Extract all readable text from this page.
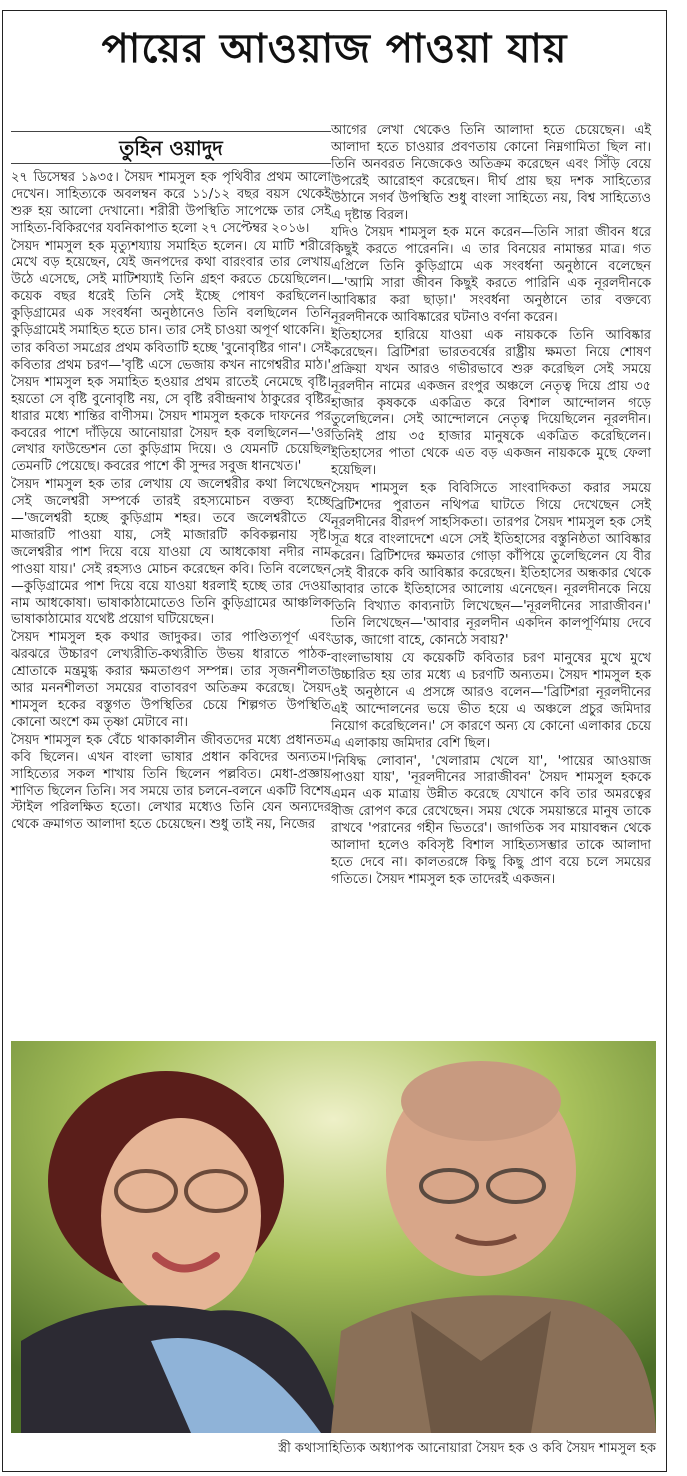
পায়ের আওয়াজ পাওয়া যায়
তুহিন ওয়াদুদ

২৭ ডিসেম্বর ১৯৩৫। সৈয়দ শামসুল হক পৃথিবীর প্রথম আলো দেখেন। সাহিত্যকে অবলম্বন করে ১১/১২ বছর বয়স থেকেই শুরু হয় আলো দেখানো। শরীরী উপস্থিতি সাপেক্ষে তার সেই সাহিত্য-বিকিরণের যবনিকাপাত হলো ২৭ সেপ্টেম্বর ২০১৬।

সৈয়দ শামসুল হক মৃত্যুশয্যায় সমাহিত হলেন। যে মাটি শরীরে মেখে বড় হয়েছেন, যেই জনপদের কথা বারংবার তার লেখায় উঠে এসেছে, সেই মাটিশয্যাই তিনি গ্রহণ করতে চেয়েছিলেন। কয়েক বছর ধরেই তিনি সেই ইচ্ছে পোষণ করছিলেন। কুড়িগ্রামের এক সংবর্ধনা অনুষ্ঠানেও তিনি বলছিলেন তিনি কুড়িগ্রামেই সমাহিত হতে চান। তার সেই চাওয়া অপূর্ণ থাকেনি।

তার কবিতা সমগ্রের প্রথম কবিতাটি হচ্ছে 'বুনোবৃষ্টির গান'। সেই কবিতার প্রথম চরণ—'বৃষ্টি এসে ভেজায় কখন নাগেশ্বরীর মাঠ।' সৈয়দ শামসুল হক সমাহিত হওয়ার প্রথম রাতেই নেমেছে বৃষ্টি। হয়তো সে বৃষ্টি বুনোবৃষ্টি নয়, সে বৃষ্টি রবীন্দ্রনাথ ঠাকুরের বৃষ্টির ধারার মধ্যে শান্তির বাণীসম। সৈয়দ শামসুল হককে দাফনের পর কবরের পাশে দাঁড়িয়ে আনোয়ারা সৈয়দ হক বলছিলেন—'ওর লেখার ফাউন্ডেশন তো কুড়িগ্রাম দিয়ে। ও যেমনটি চেয়েছিল তেমনটি পেয়েছে। কবরের পাশে কী সুন্দর সবুজ ধানখেত।'

সৈয়দ শামসুল হক তার লেখায় যে জলেশ্বরীর কথা লিখেছেন সেই জলেশ্বরী সম্পর্কে তারই রহস্যমোচন বক্তব্য হচ্ছে—'জলেশ্বরী হচ্ছে কুড়িগ্রাম শহর। তবে জলেশ্বরীতে যে মাজারটি পাওয়া যায়, সেই মাজারটি কবিকল্পনায় সৃষ্ট। জলেশ্বরীর পাশ দিয়ে বয়ে যাওয়া যে আধকোষা নদীর নাম পাওয়া যায়।' সেই রহস্যও মোচন করেছেন কবি। তিনি বলেছেন—কুড়িগ্রামের পাশ দিয়ে বয়ে যাওয়া ধরলাই হচ্ছে তার দেওয়া নাম আধকোষা। ভাষাকাঠামোতেও তিনি কুড়িগ্রামের আঞ্চলিক ভাষাকাঠামোর যথেষ্ট প্রয়োগ ঘটিয়েছেন।

সৈয়দ শামসুল হক কথার জাদুকর। তার পাণ্ডিত্যপূর্ণ এবং ঝরঝরে উচ্চারণ লেখ্যরীতি-কথ্যরীতি উভয় ধারাতে পাঠক-শ্রোতাকে মন্ত্রমুগ্ধ করার ক্ষমতাগুণ সম্পন্ন। তার সৃজনশীলতা আর মননশীলতা সময়ের বাতাবরণ অতিক্রম করেছে। সৈয়দ শামসুল হকের বস্তুগত উপস্থিতির চেয়ে শিল্পগত উপস্থিতি কোনো অংশে কম তৃষ্ণা মেটাবে না।

সৈয়দ শামসুল হক বেঁচে থাকাকালীন জীবতদের মধ্যে প্রধানতম কবি ছিলেন। এখন বাংলা ভাষার প্রধান কবিদের অন্যতম। সাহিত্যের সকল শাখায় তিনি ছিলেন পল্লবিত। মেধা-প্রজ্ঞায় শাণিত ছিলেন তিনি। সব সময়ে তার চলনে-বলনে একটি বিশেষ স্টাইল পরিলক্ষিত হতো। লেখার মধ্যেও তিনি যেন অন্যদের থেকে ক্রমাগত আলাদা হতে চেয়েছেন। শুধু তাই নয়, নিজের

আগের লেখা থেকেও তিনি আলাদা হতে চেয়েছেন। এই আলাদা হতে চাওয়ার প্রবণতায় কোনো নিম্নগামিতা ছিল না। তিনি অনবরত নিজেকেও অতিক্রম করেছেন এবং সিঁড়ি বেয়ে উপরেই আরোহণ করেছেন। দীর্ঘ প্রায় ছয় দশক সাহিত্যের উঠানে সগর্ব উপস্থিতি শুধু বাংলা সাহিত্যে নয়, বিশ্ব সাহিত্যেও এ দৃষ্টান্ত বিরল।

যদিও সৈয়দ শামসুল হক মনে করেন—তিনি সারা জীবন ধরে কিছুই করতে পারেননি। এ তার বিনয়ের নামান্তর মাত্র। গত এপ্রিলে তিনি কুড়িগ্রামে এক সংবর্ধনা অনুষ্ঠানে বলেছেন—'আমি সারা জীবন কিছুই করতে পারিনি এক নূরলদীনকে আবিষ্কার করা ছাড়া।' সংবর্ধনা অনুষ্ঠানে তার বক্তব্যে নূরলদীনকে আবিষ্কারের ঘটনাও বর্ণনা করেন।

ইতিহাসের হারিয়ে যাওয়া এক নায়ককে তিনি আবিষ্কার করেছেন। ব্রিটিশরা ভারতবর্ষের রাষ্ট্রীয় ক্ষমতা নিয়ে শোষণ প্রক্রিয়া যখন আরও গভীরভাবে শুরু করেছিল সেই সময়ে নূরলদীন নামের একজন রংপুর অঞ্চলে নেতৃত্ব দিয়ে প্রায় ৩৫ হাজার কৃষককে একত্রিত করে বিশাল আন্দোলন গড়ে তুলেছিলেন। সেই আন্দোলনে নেতৃত্ব দিয়েছিলেন নূরলদীন। তিনিই প্রায় ৩৫ হাজার মানুষকে একত্রিত করেছিলেন। ইতিহাসের পাতা থেকে এত বড় একজন নায়ককে মুছে ফেলা হয়েছিল।

সৈয়দ শামসুল হক বিবিসিতে সাংবাদিকতা করার সময়ে ব্রিটিশদের পুরাতন নথিপত্র ঘাটতে গিয়ে দেখেছেন সেই নূরলদীনের বীরদর্প সাহসিকতা। তারপর সৈয়দ শামসুল হক সেই সূত্র ধরে বাংলাদেশে এসে সেই ইতিহাসের বস্তুনিষ্ঠতা আবিষ্কার করেন। ব্রিটিশদের ক্ষমতার গোড়া কাঁপিয়ে তুলেছিলেন যে বীর সেই বীরকে কবি আবিষ্কার করেছেন। ইতিহাসের অন্ধকার থেকে আবার তাকে ইতিহাসের আলোয় এনেছেন। নূরলদীনকে নিয়ে তিনি বিখ্যাত কাব্যনাট্য লিখেছেন—'নূরলদীনের সারাজীবন।' তিনি লিখেছেন—'আবার নূরলদীন একদিন কালপূর্ণিমায় দেবে ডাক, জাগো বাহে, কোনঠে সবায়?'

বাংলাভাষায় যে কয়েকটি কবিতার চরণ মানুষের মুখে মুখে উচ্চারিত হয় তার মধ্যে এ চরণটি অন্যতম। সৈয়দ শামসুল হক ওই অনুষ্ঠানে এ প্রসঙ্গে আরও বলেন—'ব্রিটিশরা নূরলদীনের এই আন্দোলনের ভয়ে ভীত হয়ে এ অঞ্চলে প্রচুর জমিদার নিয়োগ করেছিলেন।' সে কারণে অন্য যে কোনো এলাকার চেয়ে এ এলাকায় জমিদার বেশি ছিল।

'নিষিদ্ধ লোবান', 'খেলারাম খেলে যা', 'পায়ের আওয়াজ পাওয়া যায়', 'নূরলদীনের সারাজীবন' সৈয়দ শামসুল হককে এমন এক মাত্রায় উন্নীত করেছে যেখানে কবি তার অমরত্বের বীজ রোপণ করে রেখেছেন। সময় থেকে সময়ান্তরে মানুষ তাকে রাখবে 'পরানের গহীন ভিতরে'। জাগতিক সব মায়াবন্ধন থেকে আলাদা হলেও কবিসৃষ্ট বিশাল সাহিত্যসম্ভার তাকে আলাদা হতে দেবে না। কালতরঙ্গে কিছু কিছু প্রাণ বয়ে চলে সময়ের গতিতে। সৈয়দ শামসুল হক তাদেরই একজন।

স্ত্রী কথাসাহিত্যিক অধ্যাপক আনোয়ারা সৈয়দ হক ও কবি সৈয়দ শামসুল হক
